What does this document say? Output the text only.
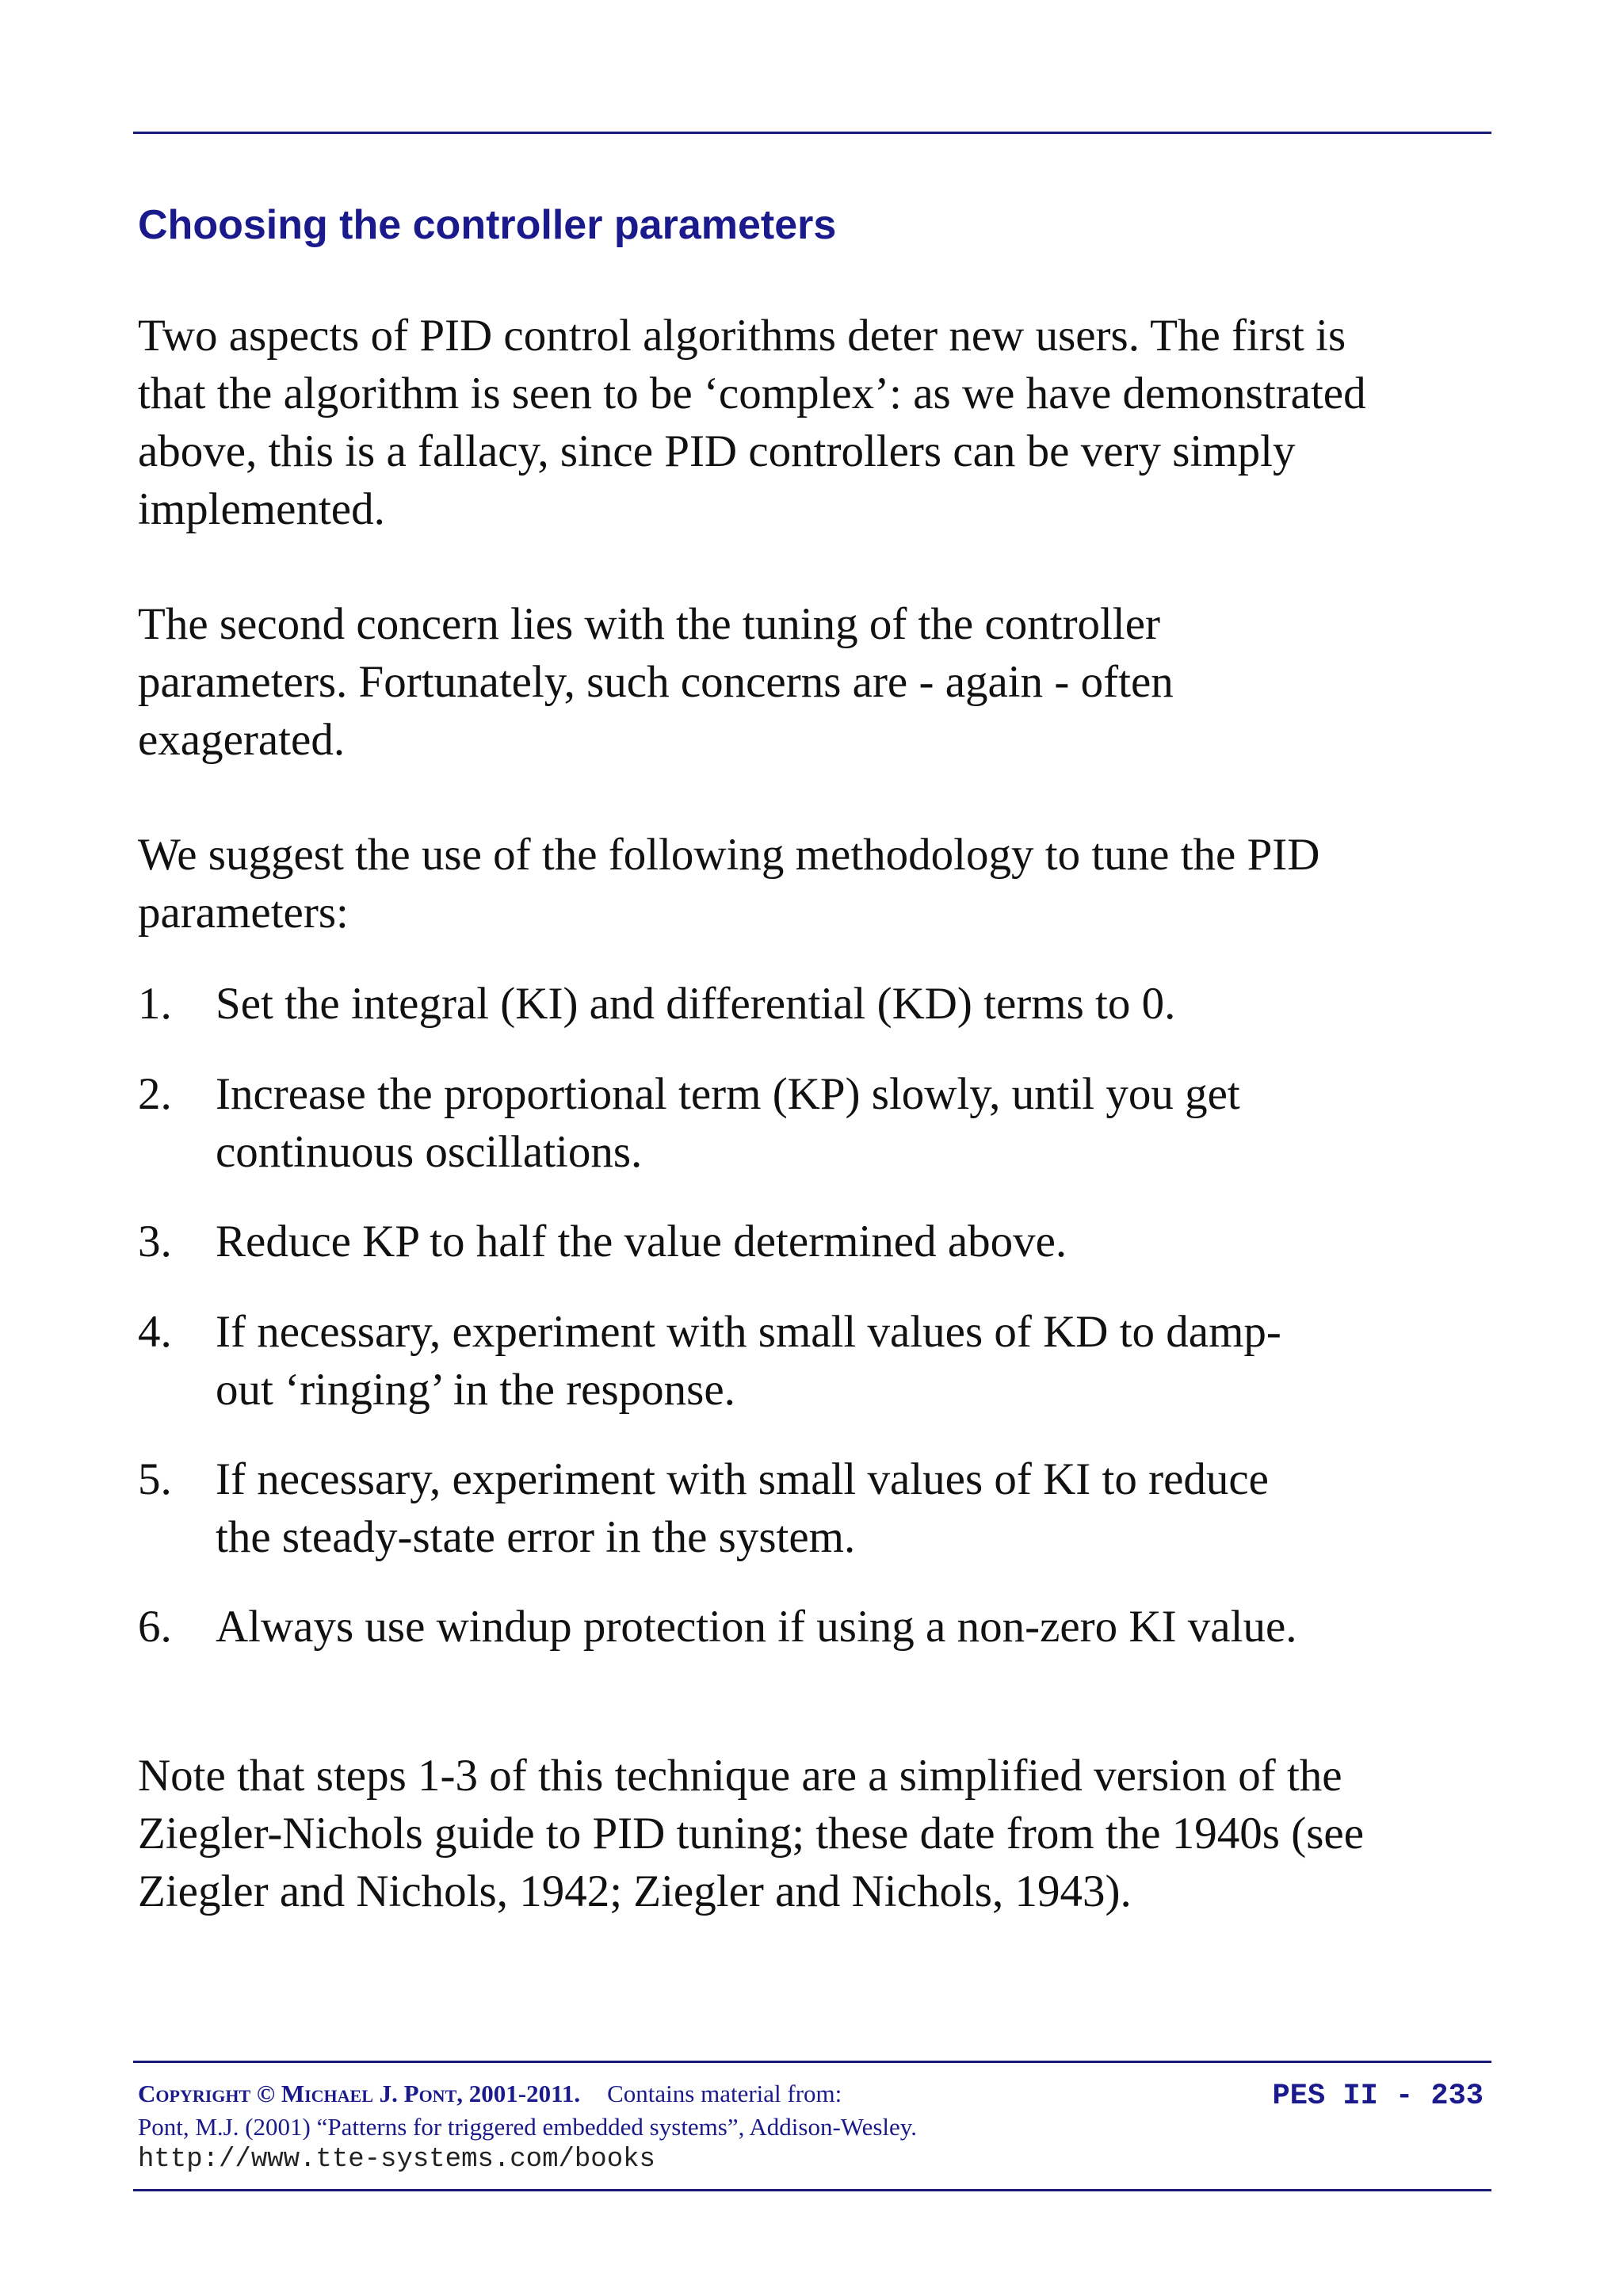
Choosing the controller parameters

Two aspects of PID control algorithms deter new users. The first is
that the algorithm is seen to be ‘complex’: as we have demonstrated
above, this is a fallacy, since PID controllers can be very simply
implemented.

The second concern lies with the tuning of the controller
parameters. Fortunately, such concerns are - again - often
exagerated.

We suggest the use of the following methodology to tune the PID
parameters:

1. Set the integral (KI) and differential (KD) terms to 0.
2. Increase the proportional term (KP) slowly, until you get
continuous oscillations.
3. Reduce KP to half the value determined above.
4. If necessary, experiment with small values of KD to damp-
out ‘ringing’ in the response.
5. If necessary, experiment with small values of KI to reduce
the steady-state error in the system.
6. Always use windup protection if using a non-zero KI value.

Note that steps 1-3 of this technique are a simplified version of the
Ziegler-Nichols guide to PID tuning; these date from the 1940s (see
Ziegler and Nichols, 1942; Ziegler and Nichols, 1943).

Copyright © Michael J. Pont, 2001-2011. Contains material from:
Pont, M.J. (2001) “Patterns for triggered embedded systems”, Addison-Wesley.
http://www.tte-systems.com/books
PES II - 233
